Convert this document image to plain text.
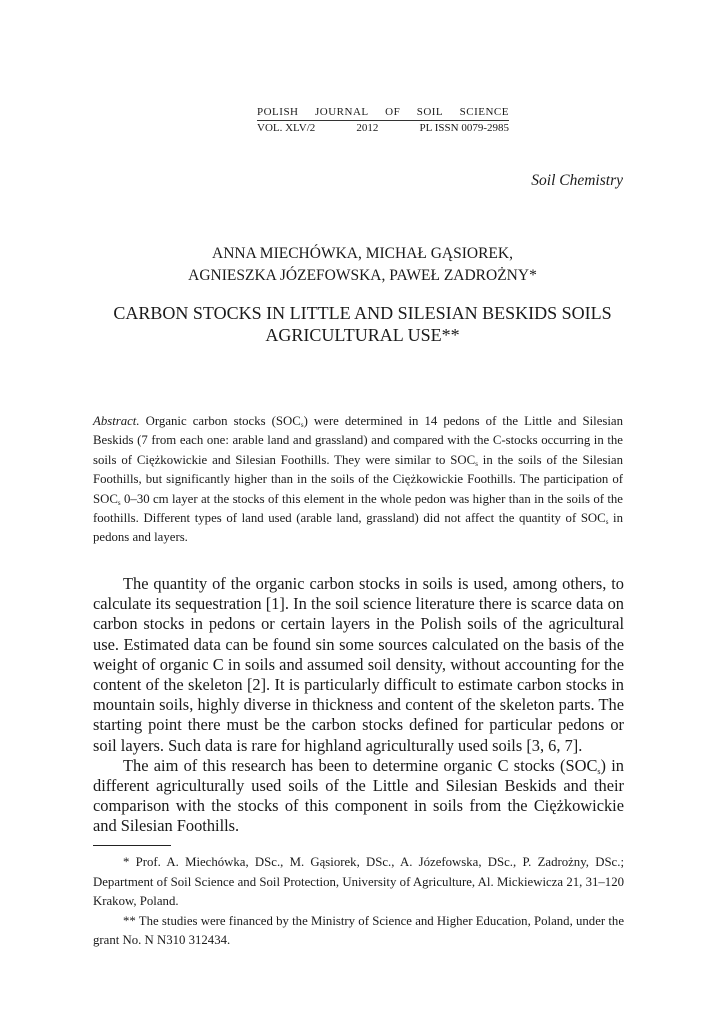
POLISH JOURNAL OF SOIL SCIENCE
VOL. XLV/2	2012	PL ISSN 0079-2985
Soil Chemistry
ANNA MIECHÓWKA, MICHAŁ GĄSIOREK,
AGNIESZKA JÓZEFOWSKA, PAWEŁ ZADROŻNY*
CARBON STOCKS IN LITTLE AND SILESIAN BESKIDS SOILS
AGRICULTURAL USE**
Abstract. Organic carbon stocks $(SOC_s)$ were determined in 14 pedons of the Little and Silesian Beskids (7 from each one: arable land and grassland) and compared with the C-stocks occurring in the soils of Ciężkowickie and Silesian Foothills. They were similar to $SOC_s$ in the soils of the Silesian Foothills, but significantly higher than in the soils of the Ciężkowickie Foothills. The participation of $SOC_s$ 0–30 cm layer at the stocks of this element in the whole pedon was higher than in the soils of the foothills. Different types of land used (arable land, grassland) did not affect the quantity of $SOC_s$ in pedons and layers.

The quantity of the organic carbon stocks in soils is used, among others, to calculate its sequestration [1]. In the soil science literature there is scarce data on carbon stocks in pedons or certain layers in the Polish soils of the agricultural use. Estimated data can be found sin some sources calculated on the basis of the weight of organic C in soils and assumed soil density, without accounting for the content of the skeleton [2]. It is particularly difficult to estimate carbon stocks in mountain soils, highly diverse in thickness and content of the skeleton parts. The starting point there must be the carbon stocks defined for particular pedons or soil layers. Such data is rare for highland agriculturally used soils [3, 6, 7].

The aim of this research has been to determine organic C stocks $(SOC_s)$ in different agriculturally used soils of the Little and Silesian Beskids and their comparison with the stocks of this component in soils from the Ciężkowickie and Silesian Foothills.

* Prof. A. Miechówka, DSc., M. Gąsiorek, DSc., A. Józefowska, DSc., P. Zadrożny, DSc.; Department of Soil Science and Soil Protection, University of Agriculture, Al. Mickiewicza 21, 31–120 Krakow, Poland.

** The studies were financed by the Ministry of Science and Higher Education, Poland, under the grant No. N N310 312434.
